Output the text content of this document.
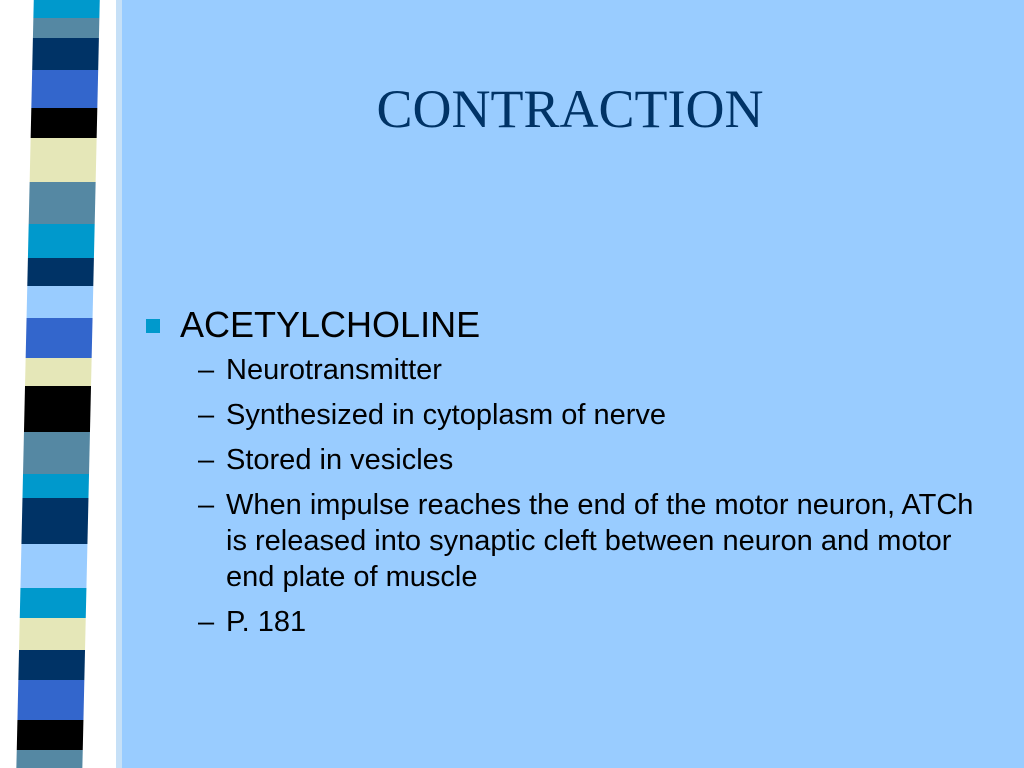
CONTRACTION
ACETYLCHOLINE
– Neurotransmitter
– Synthesized in cytoplasm of nerve
– Stored in vesicles
– When impulse reaches the end of the motor neuron, ATCh is released into synaptic cleft between neuron and motor end plate of muscle
– P. 181
